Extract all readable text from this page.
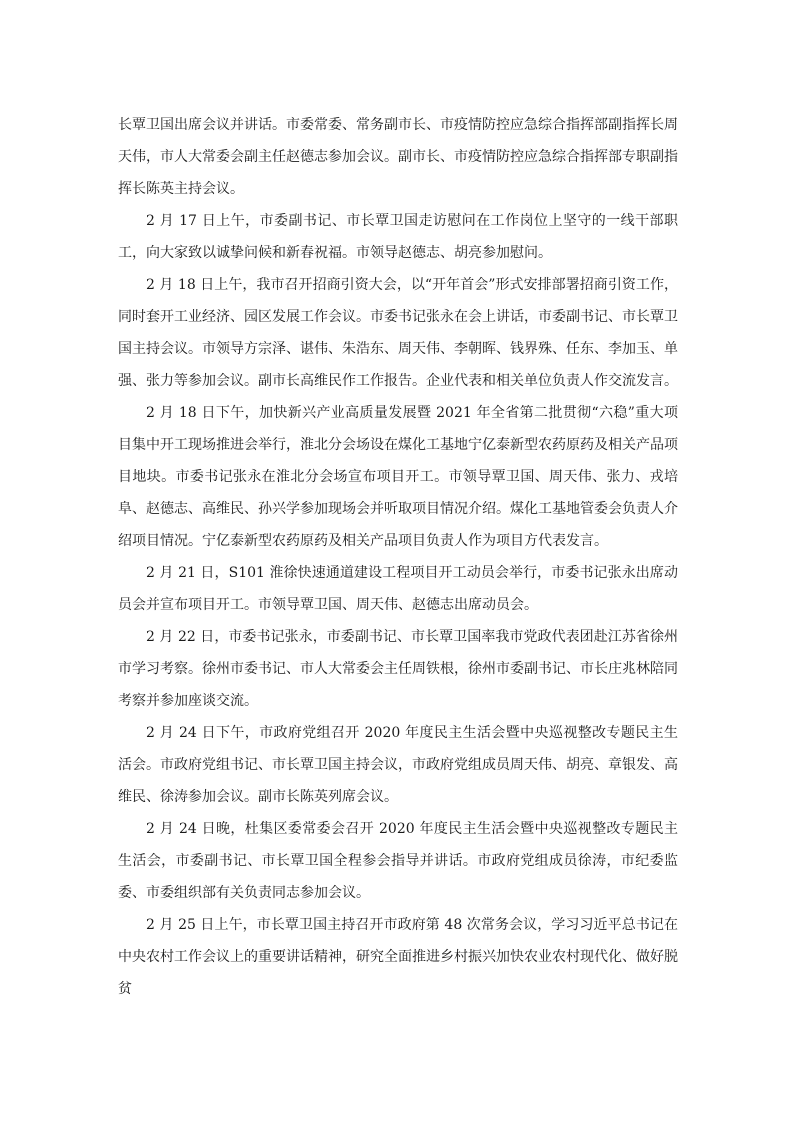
长覃卫国出席会议并讲话。市委常委、常务副市长、市疫情防控应急综合指挥部副指挥长周天伟，市人大常委会副主任赵德志参加会议。副市长、市疫情防控应急综合指挥部专职副指挥长陈英主持会议。

2 月 17 日上午，市委副书记、市长覃卫国走访慰问在工作岗位上坚守的一线干部职工，向大家致以诚挚问候和新春祝福。市领导赵德志、胡亮参加慰问。

2 月 18 日上午，我市召开招商引资大会，以“开年首会”形式安排部署招商引资工作，同时套开工业经济、园区发展工作会议。市委书记张永在会上讲话，市委副书记、市长覃卫国主持会议。市领导方宗泽、谌伟、朱浩东、周天伟、李朝晖、钱界殊、任东、李加玉、单强、张力等参加会议。副市长高维民作工作报告。企业代表和相关单位负责人作交流发言。

2 月 18 日下午，加快新兴产业高质量发展暨 2021 年全省第二批贯彻“六稳”重大项目集中开工现场推进会举行，淮北分会场设在煤化工基地宁亿泰新型农药原药及相关产品项目地块。市委书记张永在淮北分会场宣布项目开工。市领导覃卫国、周天伟、张力、戎培阜、赵德志、高维民、孙兴学参加现场会并听取项目情况介绍。煤化工基地管委会负责人介绍项目情况。宁亿泰新型农药原药及相关产品项目负责人作为项目方代表发言。

2 月 21 日，S101 淮徐快速通道建设工程项目开工动员会举行，市委书记张永出席动员会并宣布项目开工。市领导覃卫国、周天伟、赵德志出席动员会。

2 月 22 日，市委书记张永，市委副书记、市长覃卫国率我市党政代表团赴江苏省徐州市学习考察。徐州市委书记、市人大常委会主任周铁根，徐州市委副书记、市长庄兆林陪同考察并参加座谈交流。

2 月 24 日下午，市政府党组召开 2020 年度民主生活会暨中央巡视整改专题民主生活会。市政府党组书记、市长覃卫国主持会议，市政府党组成员周天伟、胡亮、章银发、高维民、徐涛参加会议。副市长陈英列席会议。

2 月 24 日晚，杜集区委常委会召开 2020 年度民主生活会暨中央巡视整改专题民主生活会，市委副书记、市长覃卫国全程参会指导并讲话。市政府党组成员徐涛，市纪委监委、市委组织部有关负责同志参加会议。

2 月 25 日上午，市长覃卫国主持召开市政府第 48 次常务会议，学习习近平总书记在中央农村工作会议上的重要讲话精神，研究全面推进乡村振兴加快农业农村现代化、做好脱贫
